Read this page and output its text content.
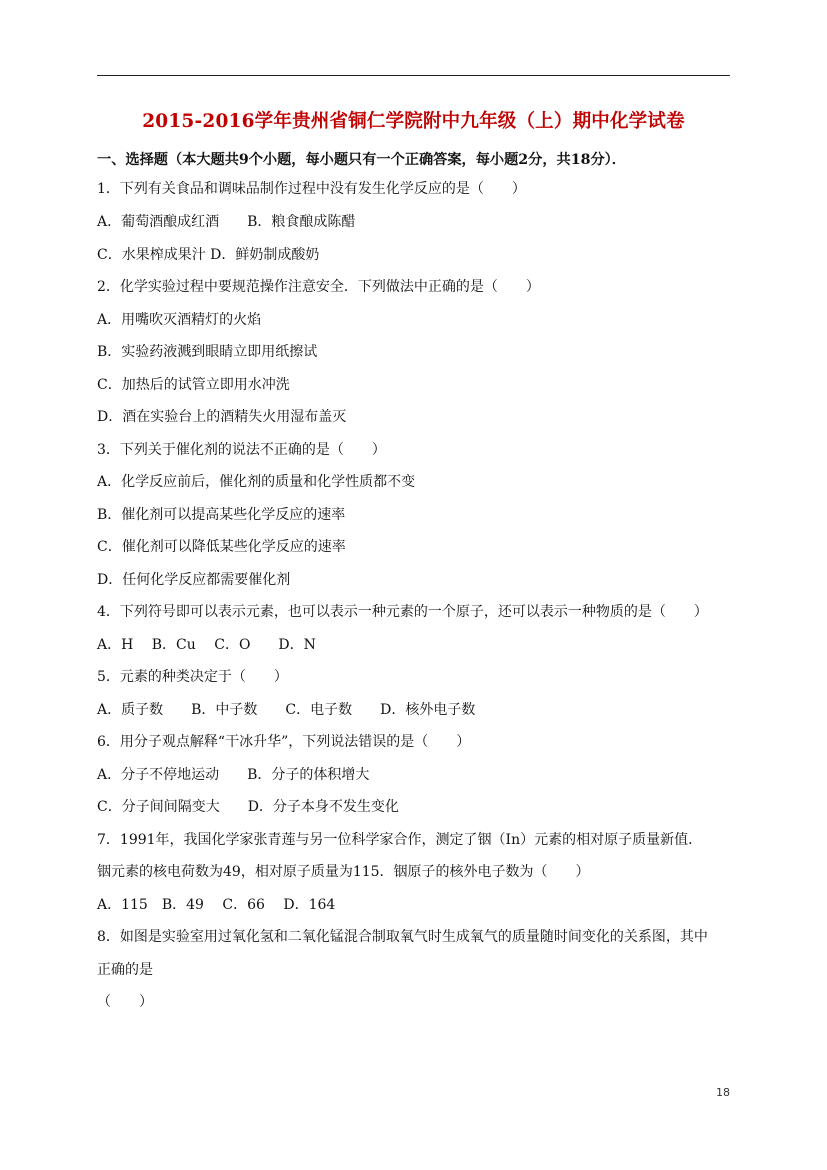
2015-2016学年贵州省铜仁学院附中九年级（上）期中化学试卷
一、选择题（本大题共9个小题，每小题只有一个正确答案，每小题2分，共18分）．
1．下列有关食品和调味品制作过程中没有发生化学反应的是（　　）
A．葡萄酒酿成红酒　　B．粮食酿成陈醋
C．水果榨成果汁 D．鲜奶制成酸奶
2．化学实验过程中要规范操作注意安全．下列做法中正确的是（　　）
A．用嘴吹灭酒精灯的火焰
B．实验药液溅到眼睛立即用纸擦试
C．加热后的试管立即用水冲洗
D．酒在实验台上的酒精失火用湿布盖灭
3．下列关于催化剂的说法不正确的是（　　）
A．化学反应前后，催化剂的质量和化学性质都不变
B．催化剂可以提高某些化学反应的速率
C．催化剂可以降低某些化学反应的速率
D．任何化学反应都需要催化剂
4．下列符号即可以表示元素，也可以表示一种元素的一个原子，还可以表示一种物质的是（　　）
A．H　 B．Cu　 C．O　　D．N
5．元素的种类决定于（　　）
A．质子数　　B．中子数　　C．电子数　　D．核外电子数
6．用分子观点解释“干冰升华”，下列说法错误的是（　　）
A．分子不停地运动　　B．分子的体积增大
C．分子间间隔变大　　D．分子本身不发生变化
7．1991年，我国化学家张青莲与另一位科学家合作，测定了铟（In）元素的相对原子质量新值．
铟元素的核电荷数为49，相对原子质量为115．铟原子的核外电子数为（　　）
A．115　B．49　 C．66　 D．164
8．如图是实验室用过氧化氢和二氧化锰混合制取氧气时生成氧气的质量随时间变化的关系图，其中
正确的是
（　　）
18
